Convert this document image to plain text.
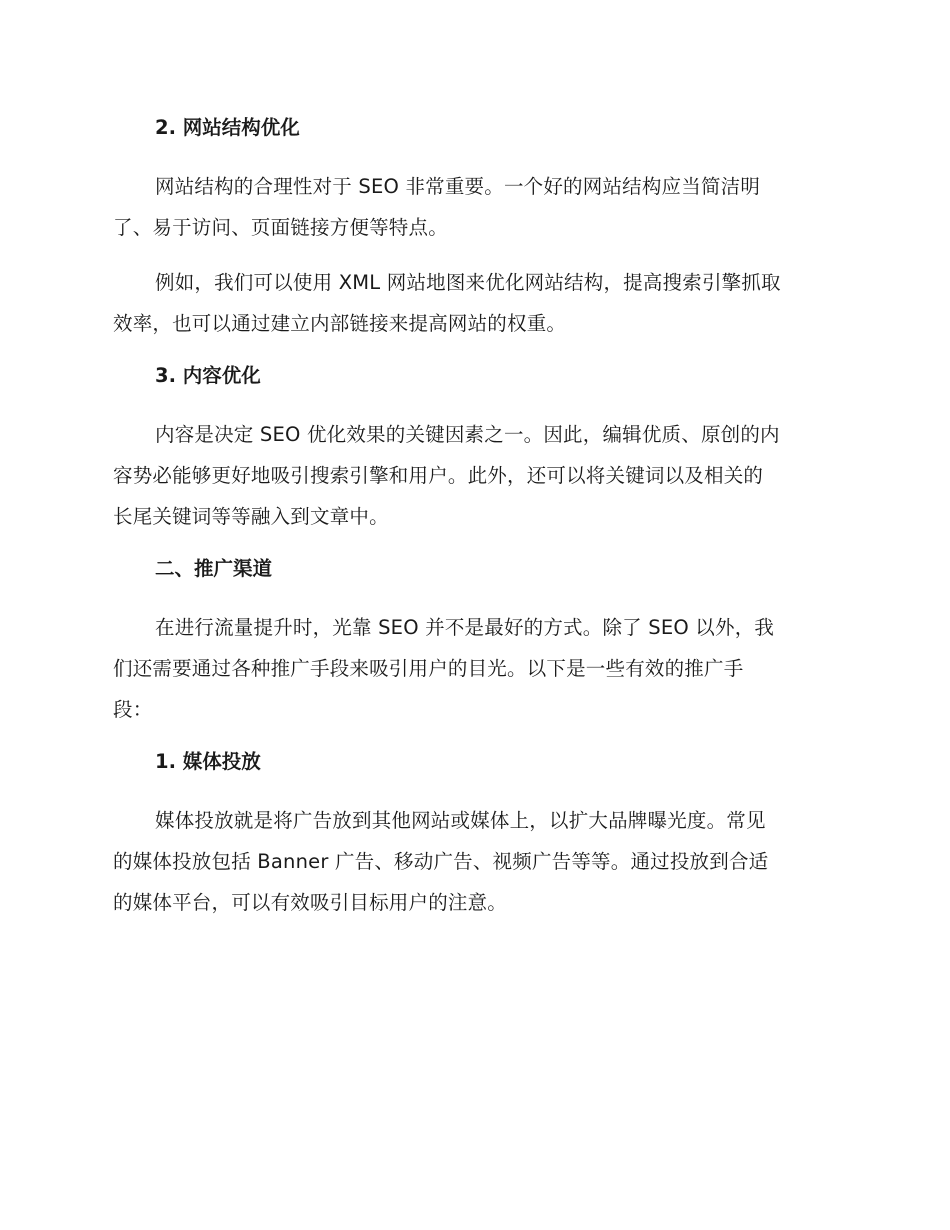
2. 网站结构优化
网站结构的合理性对于 SEO 非常重要。一个好的网站结构应当简洁明
了、易于访问、页面链接方便等特点。
例如，我们可以使用 XML 网站地图来优化网站结构，提高搜索引擎抓取
效率，也可以通过建立内部链接来提高网站的权重。
3. 内容优化
内容是决定 SEO 优化效果的关键因素之一。因此，编辑优质、原创的内
容势必能够更好地吸引搜索引擎和用户。此外，还可以将关键词以及相关的
长尾关键词等等融入到文章中。
二、推广渠道
在进行流量提升时，光靠 SEO 并不是最好的方式。除了 SEO 以外，我
们还需要通过各种推广手段来吸引用户的目光。以下是一些有效的推广手
段：
1. 媒体投放
媒体投放就是将广告放到其他网站或媒体上，以扩大品牌曝光度。常见
的媒体投放包括 Banner 广告、移动广告、视频广告等等。通过投放到合适
的媒体平台，可以有效吸引目标用户的注意。
